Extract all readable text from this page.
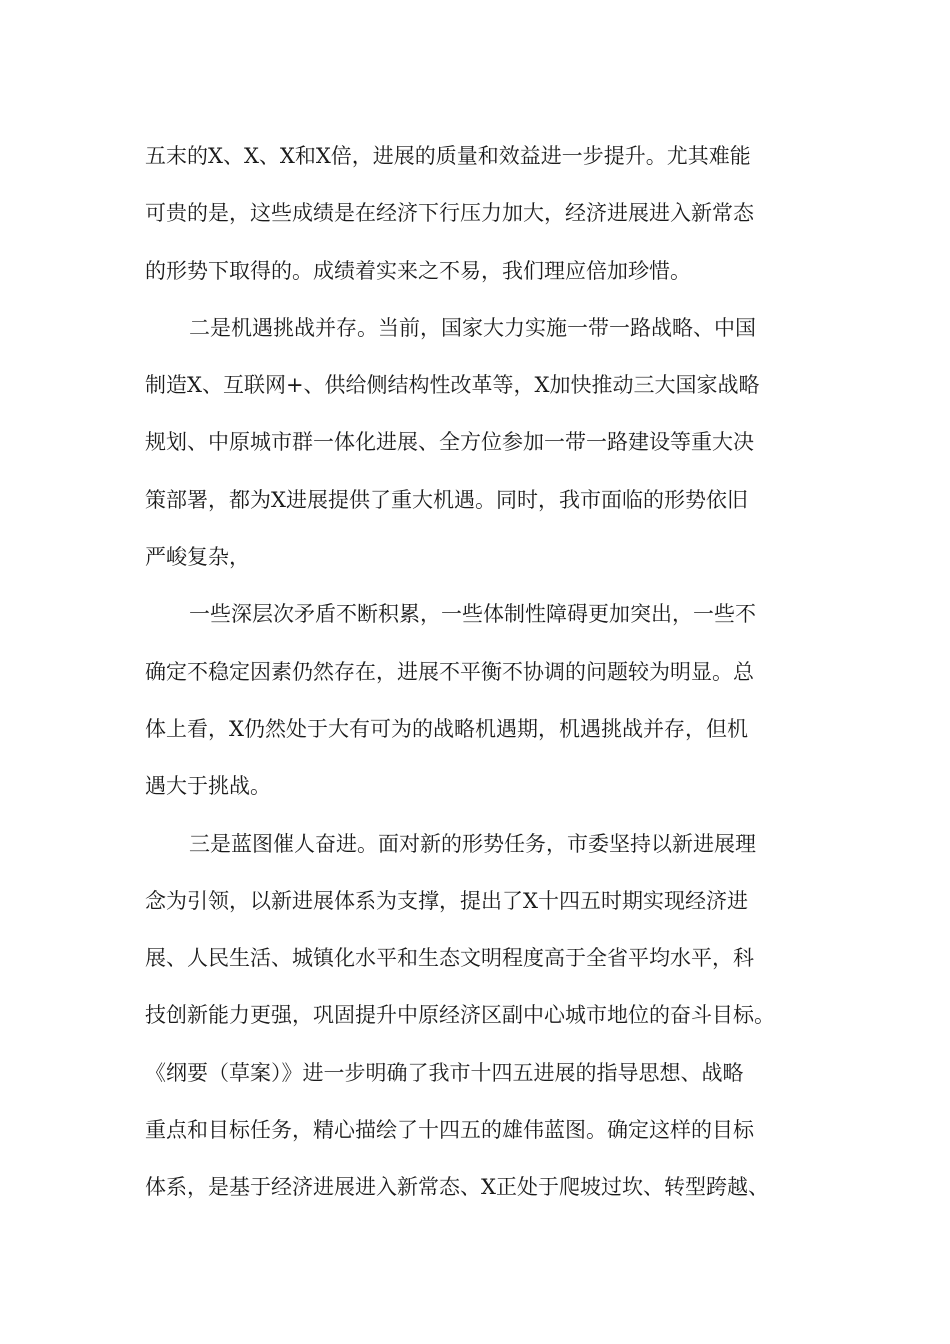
五末的X、X、X和X倍，进展的质量和效益进一步提升。尤其难能
可贵的是，这些成绩是在经济下行压力加大，经济进展进入新常态
的形势下取得的。成绩着实来之不易，我们理应倍加珍惜。
二是机遇挑战并存。当前，国家大力实施一带一路战略、中国
制造X、互联网+、供给侧结构性改革等，X加快推动三大国家战略
规划、中原城市群一体化进展、全方位参加一带一路建设等重大决
策部署，都为X进展提供了重大机遇。同时，我市面临的形势依旧
严峻复杂，
一些深层次矛盾不断积累，一些体制性障碍更加突出，一些不
确定不稳定因素仍然存在，进展不平衡不协调的问题较为明显。总
体上看，X仍然处于大有可为的战略机遇期，机遇挑战并存，但机
遇大于挑战。
三是蓝图催人奋进。面对新的形势任务，市委坚持以新进展理
念为引领，以新进展体系为支撑，提出了X十四五时期实现经济进
展、人民生活、城镇化水平和生态文明程度高于全省平均水平，科
技创新能力更强，巩固提升中原经济区副中心城市地位的奋斗目标。
《纲要（草案）》进一步明确了我市十四五进展的指导思想、战略
重点和目标任务，精心描绘了十四五的雄伟蓝图。确定这样的目标
体系，是基于经济进展进入新常态、X正处于爬坡过坎、转型跨越、
